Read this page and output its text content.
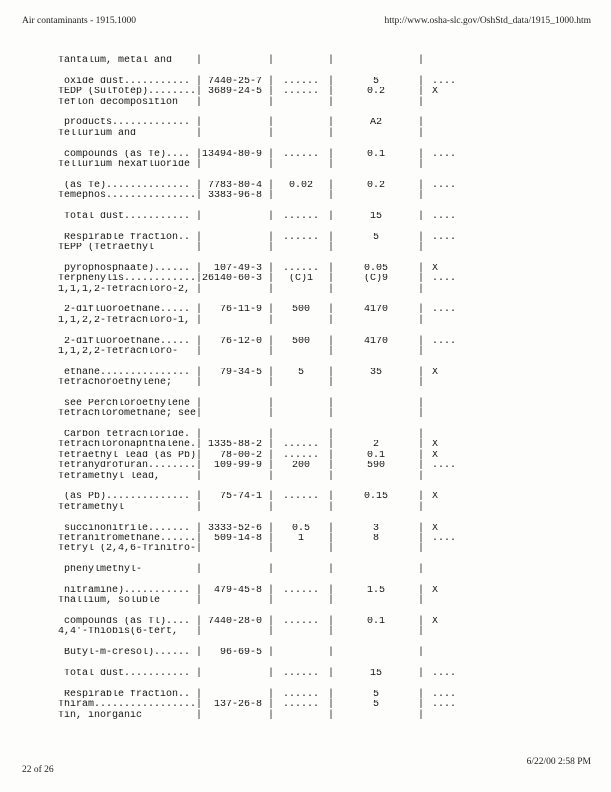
Air contaminants - 1915.1000	http://www.osha-slc.gov/OshStd_data/1915_1000.htm
Tantalum, metal and	|	|	|	|
oxide dust........... | 7440-25-7 | ...... |	5	| ....
TEDP (Sulfotep)........ | 3689-24-5 | ...... |	0.2	| X
Teflon decomposition	|	|	|	|
products............. |	|	|	A2	|
Tellurium and	|	|	|	|
compounds (as Te).... | 13494-80-9 | ...... |	0.1	| ....
Tellurium hexafluoride |	|	|	|
(as Te).............. | 7783-80-4 |	0.02	|	0.2	| ....
Temephos............... | 3383-96-8 |	|	|
Total dust........... |	| ...... |	15	| ....
Respirable fraction.. |	| ...... |	5	| ....
TEPP (Tetraethyl	|	|	|	|
pyrophosphaate)...... |	107-49-3 | ...... |	0.05	| X
Terphenylis............ | 26140-60-3 |	(C)1	|	(C)9	| ....
1,1,1,2-Tetrachloro-2, |	|	|	|
2-difluoroethane..... |	76-11-9 |	500	|	4170	| ....
1,1,2,2-Tetrachloro-1, |	|	|	|
2-difluoroethane..... |	76-12-0 |	500	|	4170	| ....
1,1,2,2-Tetrachloro-	|	|	|	|
ethane............... |	79-34-5 |	5	|	35	| X
Tetrachoroethylene;	|	|	|	|
see Perchloroethylene |	|	|	|
Tetrachloromethane; see |	|	|	|
Carbon tetrachloride. |	|	|	|
Tetrachloronaphthalene. | 1335-88-2 | ...... |	2	| X
Tetraethyl lead (as Pb) |	78-00-2 | ...... |	0.1	| X
Tetrahydrofuran........ |	109-99-9 |	200	|	590	| ....
Tetramethyl lead,	|	|	|	|
(as Pb).............. |	75-74-1 | ...... |	0.15	| X
Tetramethyl	|	|	|	|
succinonitrile....... | 3333-52-6 |	0.5	|	3	| X
Tetranitromethane...... |	509-14-8 |	1	|	8	| ....
Tetryl (2,4,6-Trinitro- |	|	|	|
phenylmethyl-	|	|	|	|
nitramine)........... |	479-45-8 | ...... |	1.5	| X
Thallium, soluble	|	|	|	|
compounds (as Tl).... | 7440-28-0 | ...... |	0.1	| X
4,4'-Thiobis(6-tert,	|	|	|	|
Butyl-m-cresol)...... |	96-69-5 |	|	|
Total dust........... |	| ...... |	15	| ....
Respirable fraction.. |	| ...... |	5	| ....
Thiram................. |	137-26-8 | ...... |	5	| ....
Tin, inorganic	|	|	|	|
22 of 26
6/22/00 2:58 PM
